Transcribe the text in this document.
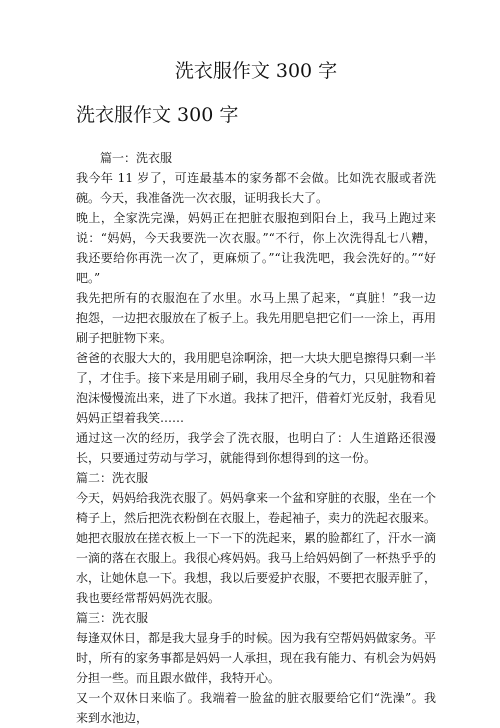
洗衣服作文 300 字
洗衣服作文 300 字
篇一：洗衣服

我今年 11 岁了，可连最基本的家务都不会做。比如洗衣服或者洗碗。今天，我准备洗一次衣服，证明我长大了。

晚上，全家洗完澡，妈妈正在把脏衣服抱到阳台上，我马上跑过来说：“妈妈，今天我要洗一次衣服。”“不行，你上次洗得乱七八糟，我还要给你再洗一次了，更麻烦了。”“让我洗吧，我会洗好的。”“好吧。”

我先把所有的衣服泡在了水里。水马上黑了起来，“真脏！”我一边抱怨，一边把衣服放在了板子上。我先用肥皂把它们一一涂上，再用刷子把脏物下来。

爸爸的衣服大大的，我用肥皂涂啊涂，把一大块大肥皂擦得只剩一半了，才住手。接下来是用刷子刷，我用尽全身的气力，只见脏物和着泡沫慢慢流出来，进了下水道。我抹了把汗，借着灯光反射，我看见妈妈正望着我笑……

通过这一次的经历，我学会了洗衣服，也明白了：人生道路还很漫长，只要通过劳动与学习，就能得到你想得到的这一份。

篇二：洗衣服

今天，妈妈给我洗衣服了。妈妈拿来一个盆和穿脏的衣服，坐在一个椅子上，然后把洗衣粉倒在衣服上，卷起袖子，卖力的洗起衣服来。她把衣服放在搓衣板上一下一下的洗起来，累的脸都红了，汗水一滴一滴的落在衣服上。我很心疼妈妈。我马上给妈妈倒了一杯热乎乎的水，让她休息一下。我想，我以后要爱护衣服，不要把衣服弄脏了，我也要经常帮妈妈洗衣服。

篇三：洗衣服

每逢双休日，都是我大显身手的时候。因为我有空帮妈妈做家务。平时，所有的家务事都是妈妈一人承担，现在我有能力、有机会为妈妈分担一些。而且跟水做伴，我特开心。

又一个双休日来临了。我端着一脸盆的脏衣服要给它们“洗澡”。我来到水池边，
